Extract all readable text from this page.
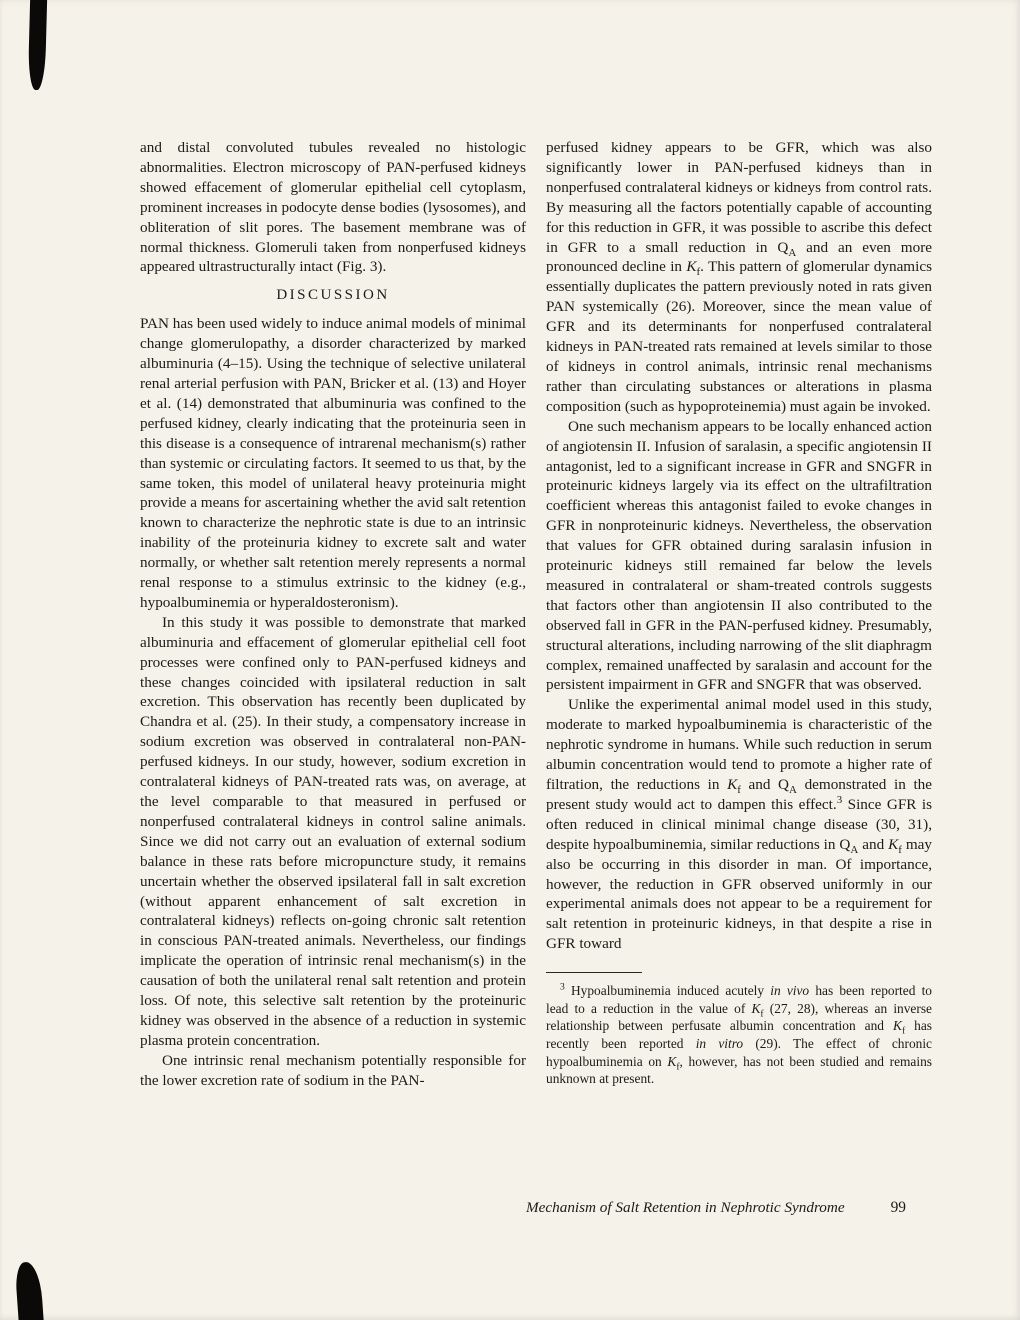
and distal convoluted tubules revealed no histologic abnormalities. Electron microscopy of PAN-perfused kidneys showed effacement of glomerular epithelial cell cytoplasm, prominent increases in podocyte dense bodies (lysosomes), and obliteration of slit pores. The basement membrane was of normal thickness. Glomeruli taken from nonperfused kidneys appeared ultrastructurally intact (Fig. 3).

DISCUSSION

PAN has been used widely to induce animal models of minimal change glomerulopathy, a disorder characterized by marked albuminuria (4–15). Using the technique of selective unilateral renal arterial perfusion with PAN, Bricker et al. (13) and Hoyer et al. (14) demonstrated that albuminuria was confined to the perfused kidney, clearly indicating that the proteinuria seen in this disease is a consequence of intrarenal mechanism(s) rather than systemic or circulating factors. It seemed to us that, by the same token, this model of unilateral heavy proteinuria might provide a means for ascertaining whether the avid salt retention known to characterize the nephrotic state is due to an intrinsic inability of the proteinuria kidney to excrete salt and water normally, or whether salt retention merely represents a normal renal response to a stimulus extrinsic to the kidney (e.g., hypoalbuminemia or hyperaldosteronism).

In this study it was possible to demonstrate that marked albuminuria and effacement of glomerular epithelial cell foot processes were confined only to PAN-perfused kidneys and these changes coincided with ipsilateral reduction in salt excretion. This observation has recently been duplicated by Chandra et al. (25). In their study, a compensatory increase in sodium excretion was observed in contralateral non-PAN-perfused kidneys. In our study, however, sodium excretion in contralateral kidneys of PAN-treated rats was, on average, at the level comparable to that measured in perfused or nonperfused contralateral kidneys in control saline animals. Since we did not carry out an evaluation of external sodium balance in these rats before micropuncture study, it remains uncertain whether the observed ipsilateral fall in salt excretion (without apparent enhancement of salt excretion in contralateral kidneys) reflects on-going chronic salt retention in conscious PAN-treated animals. Nevertheless, our findings implicate the operation of intrinsic renal mechanism(s) in the causation of both the unilateral renal salt retention and protein loss. Of note, this selective salt retention by the proteinuric kidney was observed in the absence of a reduction in systemic plasma protein concentration.

One intrinsic renal mechanism potentially responsible for the lower excretion rate of sodium in the PAN-

perfused kidney appears to be GFR, which was also significantly lower in PAN-perfused kidneys than in nonperfused contralateral kidneys or kidneys from control rats. By measuring all the factors potentially capable of accounting for this reduction in GFR, it was possible to ascribe this defect in GFR to a small reduction in $Q_A$ and an even more pronounced decline in $K_f$. This pattern of glomerular dynamics essentially duplicates the pattern previously noted in rats given PAN systemically (26). Moreover, since the mean value of GFR and its determinants for nonperfused contralateral kidneys in PAN-treated rats remained at levels similar to those of kidneys in control animals, intrinsic renal mechanisms rather than circulating substances or alterations in plasma composition (such as hypoproteinemia) must again be invoked.

One such mechanism appears to be locally enhanced action of angiotensin II. Infusion of saralasin, a specific angiotensin II antagonist, led to a significant increase in GFR and SNGFR in proteinuric kidneys largely via its effect on the ultrafiltration coefficient whereas this antagonist failed to evoke changes in GFR in nonproteinuric kidneys. Nevertheless, the observation that values for GFR obtained during saralasin infusion in proteinuric kidneys still remained far below the levels measured in contralateral or sham-treated controls suggests that factors other than angiotensin II also contributed to the observed fall in GFR in the PAN-perfused kidney. Presumably, structural alterations, including narrowing of the slit diaphragm complex, remained unaffected by saralasin and account for the persistent impairment in GFR and SNGFR that was observed.

Unlike the experimental animal model used in this study, moderate to marked hypoalbuminemia is characteristic of the nephrotic syndrome in humans. While such reduction in serum albumin concentration would tend to promote a higher rate of filtration, the reductions in $K_f$ and $Q_A$ demonstrated in the present study would act to dampen this effect.$^3$ Since GFR is often reduced in clinical minimal change disease (30, 31), despite hypoalbuminemia, similar reductions in $Q_A$ and $K_f$ may also be occurring in this disorder in man. Of importance, however, the reduction in GFR observed uniformly in our experimental animals does not appear to be a requirement for salt retention in proteinuric kidneys, in that despite a rise in GFR toward

$^3$ Hypoalbuminemia induced acutely in vivo has been reported to lead to a reduction in the value of $K_f$ (27, 28), whereas an inverse relationship between perfusate albumin concentration and $K_f$ has recently been reported in vitro (29). The effect of chronic hypoalbuminemia on $K_f$, however, has not been studied and remains unknown at present.

Mechanism of Salt Retention in Nephrotic Syndrome	99
